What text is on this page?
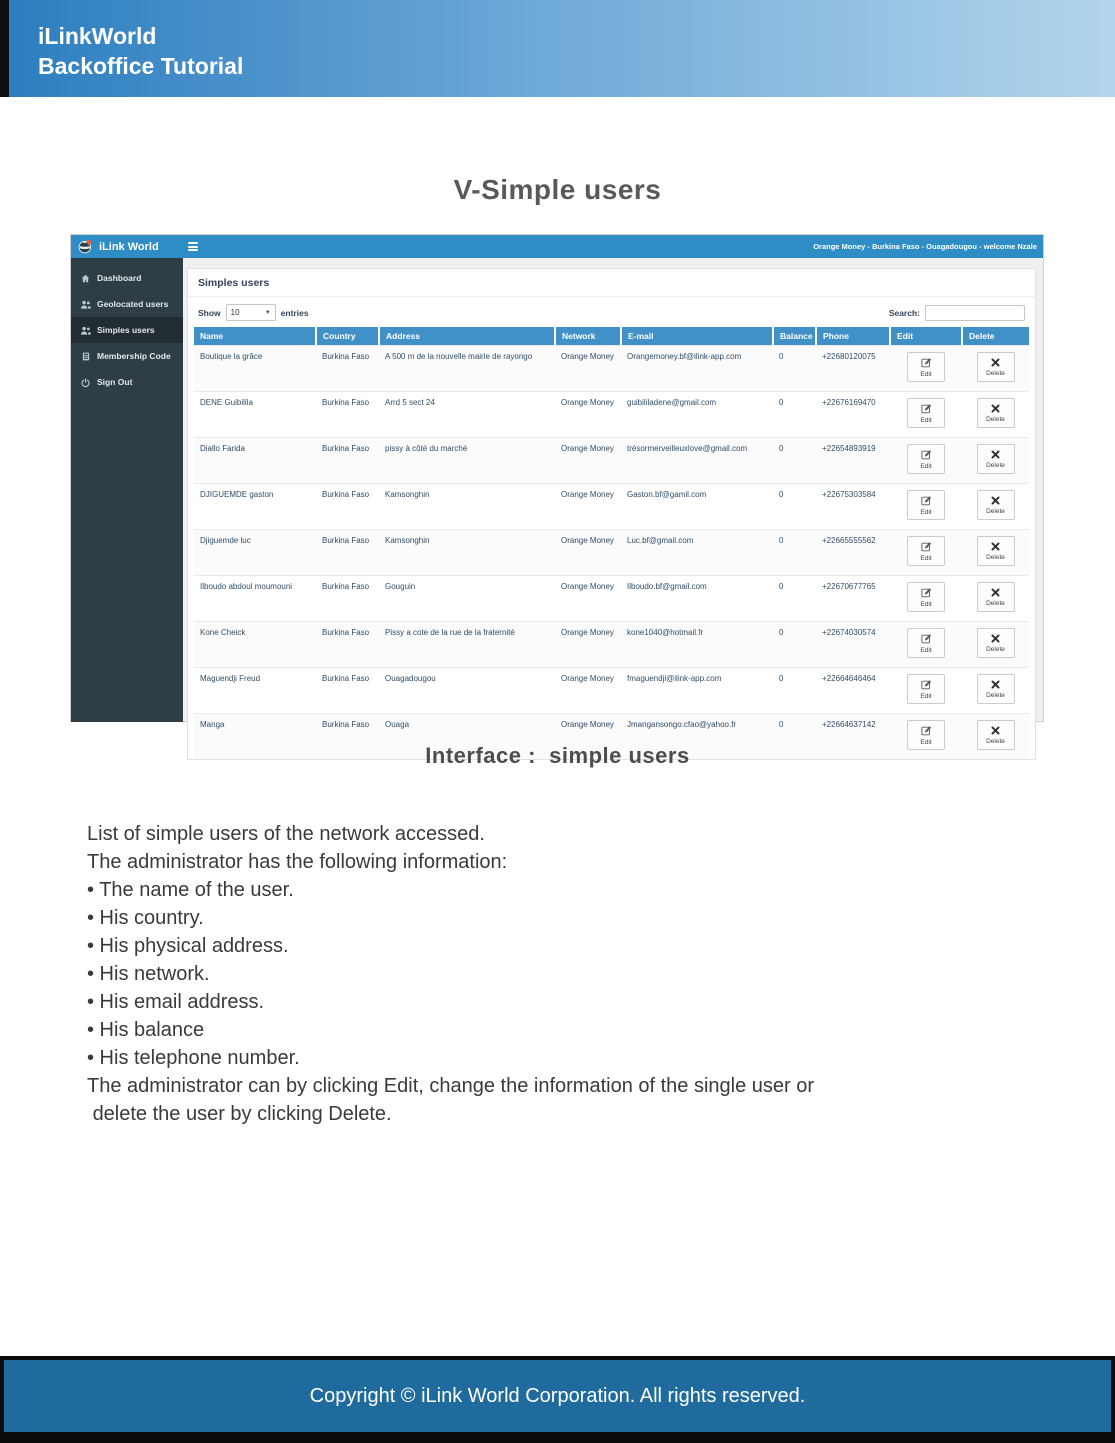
iLinkWorld
Backoffice Tutorial
V-Simple users
iLink World	Orange Money - Burkina Faso - Ouagadougou - welcome Nzale
Dashboard
Geolocated users
Simples users
Membership Code
Sign Out
Simples users
Show 10	▼ entries	Search:
Name	Country	Address	Network	E-mail	Balance	Phone	Edit	Delete
Boutique la grâce	Burkina Faso	A 500 m de la nouvelle mairie de rayongo	Orange Money	Orangemoney.bf@ilink-app.com	0	+22680120075	Edit	Delete

DENE Guibilila	Burkina Faso	Arrd 5 sect 24	Orange Money	guibililadene@gmail.com	0	+22676169470	Edit	Delete

Diallo Farida	Burkina Faso	pissy à côté du marché	Orange Money	trésormerveilleuxlove@gmail.com	0	+22654893919	Edit	Delete

DJIGUEMDE gaston	Burkina Faso	Kamsonghin	Orange Money	Gaston.bf@gamil.com	0	+22675303584	Edit	Delete

Djiguemde luc	Burkina Faso	Kamsonghin	Orange Money	Luc.bf@gmail.com	0	+22665555562	Edit	Delete

Ilboudo abdoul moumouni	Burkina Faso	Gouguin	Orange Money	Ilboudo.bf@gmail.com	0	+22670677765	Edit	Delete

Kone Cheick	Burkina Faso	Pissy a cote de la rue de la fraternité	Orange Money	kone1040@hotmail.fr	0	+22674030574	Edit	Delete

Maguendji Freud	Burkina Faso	Ouagadougou	Orange Money	fmaguendji@ilink-app.com	0	+22664646464	Edit	Delete

Manga	Burkina Faso	Ouaga	Orange Money	Jmangansongo.cfao@yahoo.fr	0	+22664637142	Edit	Delete
Interface :  simple users
List of simple users of the network accessed.
The administrator has the following information:
• The name of the user.
• His country.
• His physical address.
• His network.
• His email address.
• His balance
• His telephone number.
The administrator can by clicking Edit, change the information of the single user or
delete the user by clicking Delete.
Copyright © iLink World Corporation. All rights reserved.
